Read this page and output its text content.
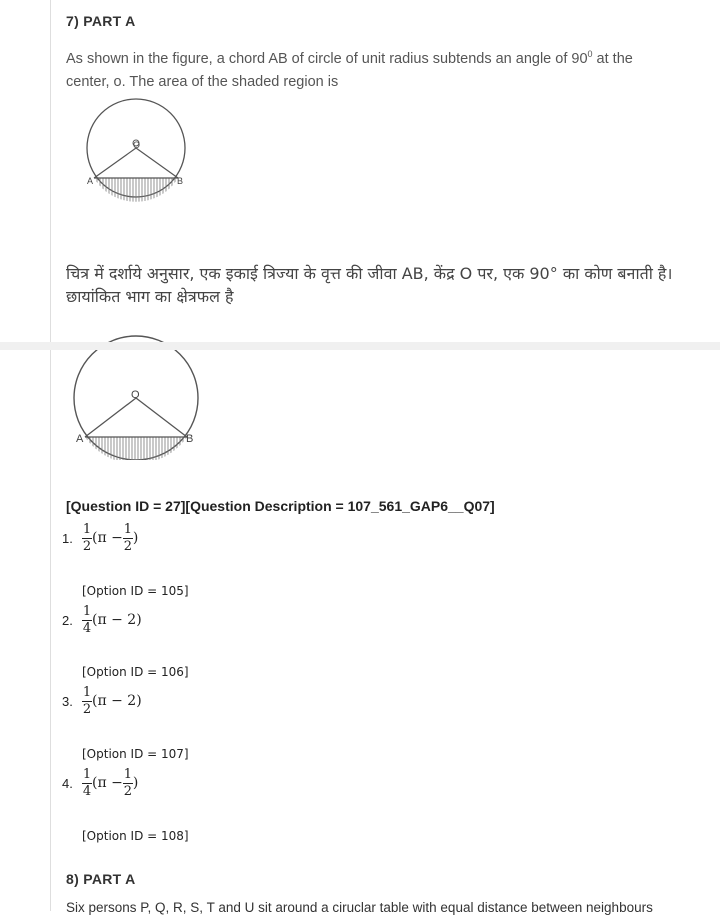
7) PART A
As shown in the figure, a chord AB of circle of unit radius subtends an angle of $90^0$ at the
center, o. The area of the shaded region is
O
A	B
चित्र में दर्शाये अनुसार, एक इकाई त्रिज्या के वृत्त की जीवा AB, केंद्र O पर, एक 90° का कोण बनाती है।
छायांकित भाग का क्षेत्रफल है
O
A	B
[Question ID = 27][Question Description = 107_561_GAP6__Q07]
1. $\frac{1}{2} (\pi - \frac{1}{2}$ )
[Option ID = 105]
2. $\frac{1}{4} (\pi - 2)$
[Option ID = 106]
3. $\frac{1}{2} (\pi - 2)$
[Option ID = 107]
4. $\frac{1}{4} (\pi - \frac{1}{2}$ )
[Option ID = 108]
8) PART A
Six persons P, Q, R, S, T and U sit around a ciruclar table with equal distance between neighbours
